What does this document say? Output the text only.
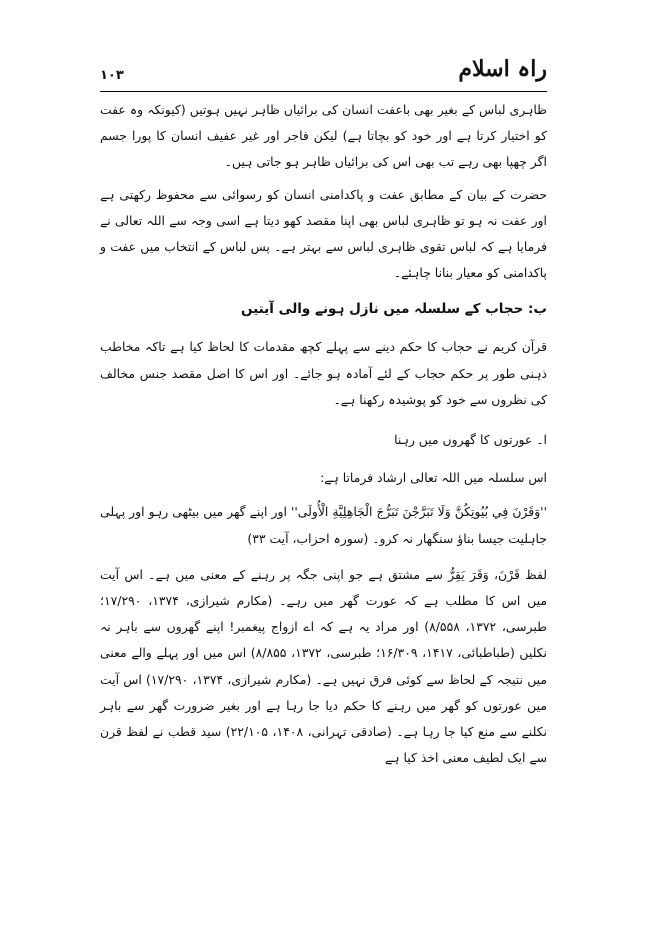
راہ اسلام
۱۰۳

ظاہری لباس کے بغیر بھی باعفت انسان کی برائیاں ظاہر نہیں ہوتیں (کیونکہ وہ عفت کو اختیار کرتا ہے اور خود کو بچاتا ہے) لیکن فاجر اور غیر عفیف انسان کا پورا جسم اگر چھپا بھی رہے تب بھی اس کی برائیاں ظاہر ہو جاتی ہیں۔

حضرت کے بیان کے مطابق عفت و پاکدامنی انسان کو رسوائی سے محفوظ رکھتی ہے اور عفت نہ ہو تو ظاہری لباس بھی اپنا مقصد کھو دیتا ہے اسی وجہ سے اللہ تعالی نے فرمایا ہے کہ لباس تقوی ظاہری لباس سے بہتر ہے۔ پس لباس کے انتخاب میں عفت و پاکدامنی کو معیار بنانا چاہئے۔

ب: حجاب کے سلسلہ میں نازل ہونے والی آیتیں

قرآن کریم نے حجاب کا حکم دینے سے پہلے کچھ مقدمات کا لحاظ کیا ہے تاکہ مخاطب ذہنی طور پر حکم حجاب کے لئے آمادہ ہو جائے۔ اور اس کا اصل مقصد جنس مخالف کی نظروں سے خود کو پوشیدہ رکھنا ہے۔

ا۔ عورتوں کا گھروں میں رہنا

اس سلسلہ میں اللہ تعالی ارشاد فرماتا ہے:

''وَقَرْنَ فِي بُيُوتِكُنَّ وَلَا تَبَرَّجْنَ تَبَرُّجَ الْجَاهِلِيَّةِ الْأُولَى'' اور اپنے گھر میں بیٹھی رہو اور پہلی جاہلیت جیسا بناؤ سنگھار نہ کرو۔ (سورہ احزاب، آیت ۳۳)

لفظ قَرْنَ، وَقَرَ يَقِرُّ سے مشتق ہے جو اپنی جگہ پر رہنے کے معنی میں ہے۔ اس آیت میں اس کا مطلب ہے کہ عورت گھر میں رہے۔ (مکارم شیرازی، ۱۳۷۴، ۱۷/۲۹۰؛ طبرسی، ۱۳۷۲، ۸/۵۵۸) اور مراد یہ ہے کہ اے ازواج پیغمبر! اپنے گھروں سے باہر نہ نکلیں (طباطبائی، ۱۴۱۷، ۱۶/۳۰۹؛ طبرسی، ۱۳۷۲، ۸/۸۵۵) اس میں اور پہلے والے معنی میں نتیجہ کے لحاظ سے کوئی فرق نہیں ہے۔ (مکارم شیرازی، ۱۳۷۴، ۱۷/۲۹۰) اس آیت میں عورتوں کو گھر میں رہنے کا حکم دیا جا رہا ہے اور بغیر ضرورت گھر سے باہر نکلنے سے منع کیا جا رہا ہے۔ (صادقی تہرانی، ۱۴۰۸، ۲۲/۱۰۵) سید قطب نے لفظ قرن سے ایک لطیف معنی اخذ کیا ہے
